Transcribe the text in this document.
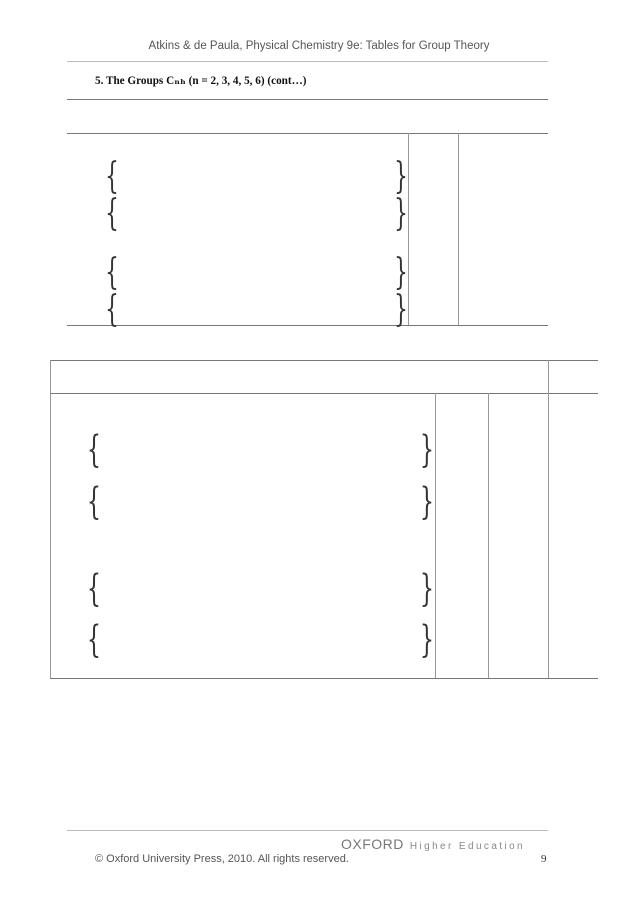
Atkins & de Paula, Physical Chemistry 9e: Tables for Group Theory
5. The Groups Cₙₕ (n = 2, 3, 4, 5, 6) (cont…)
{	}
{	}
{	}
{	}
{	}
{	}
{	}
{	}
OXFORD Higher Education
© Oxford University Press, 2010. All rights reserved.	9
